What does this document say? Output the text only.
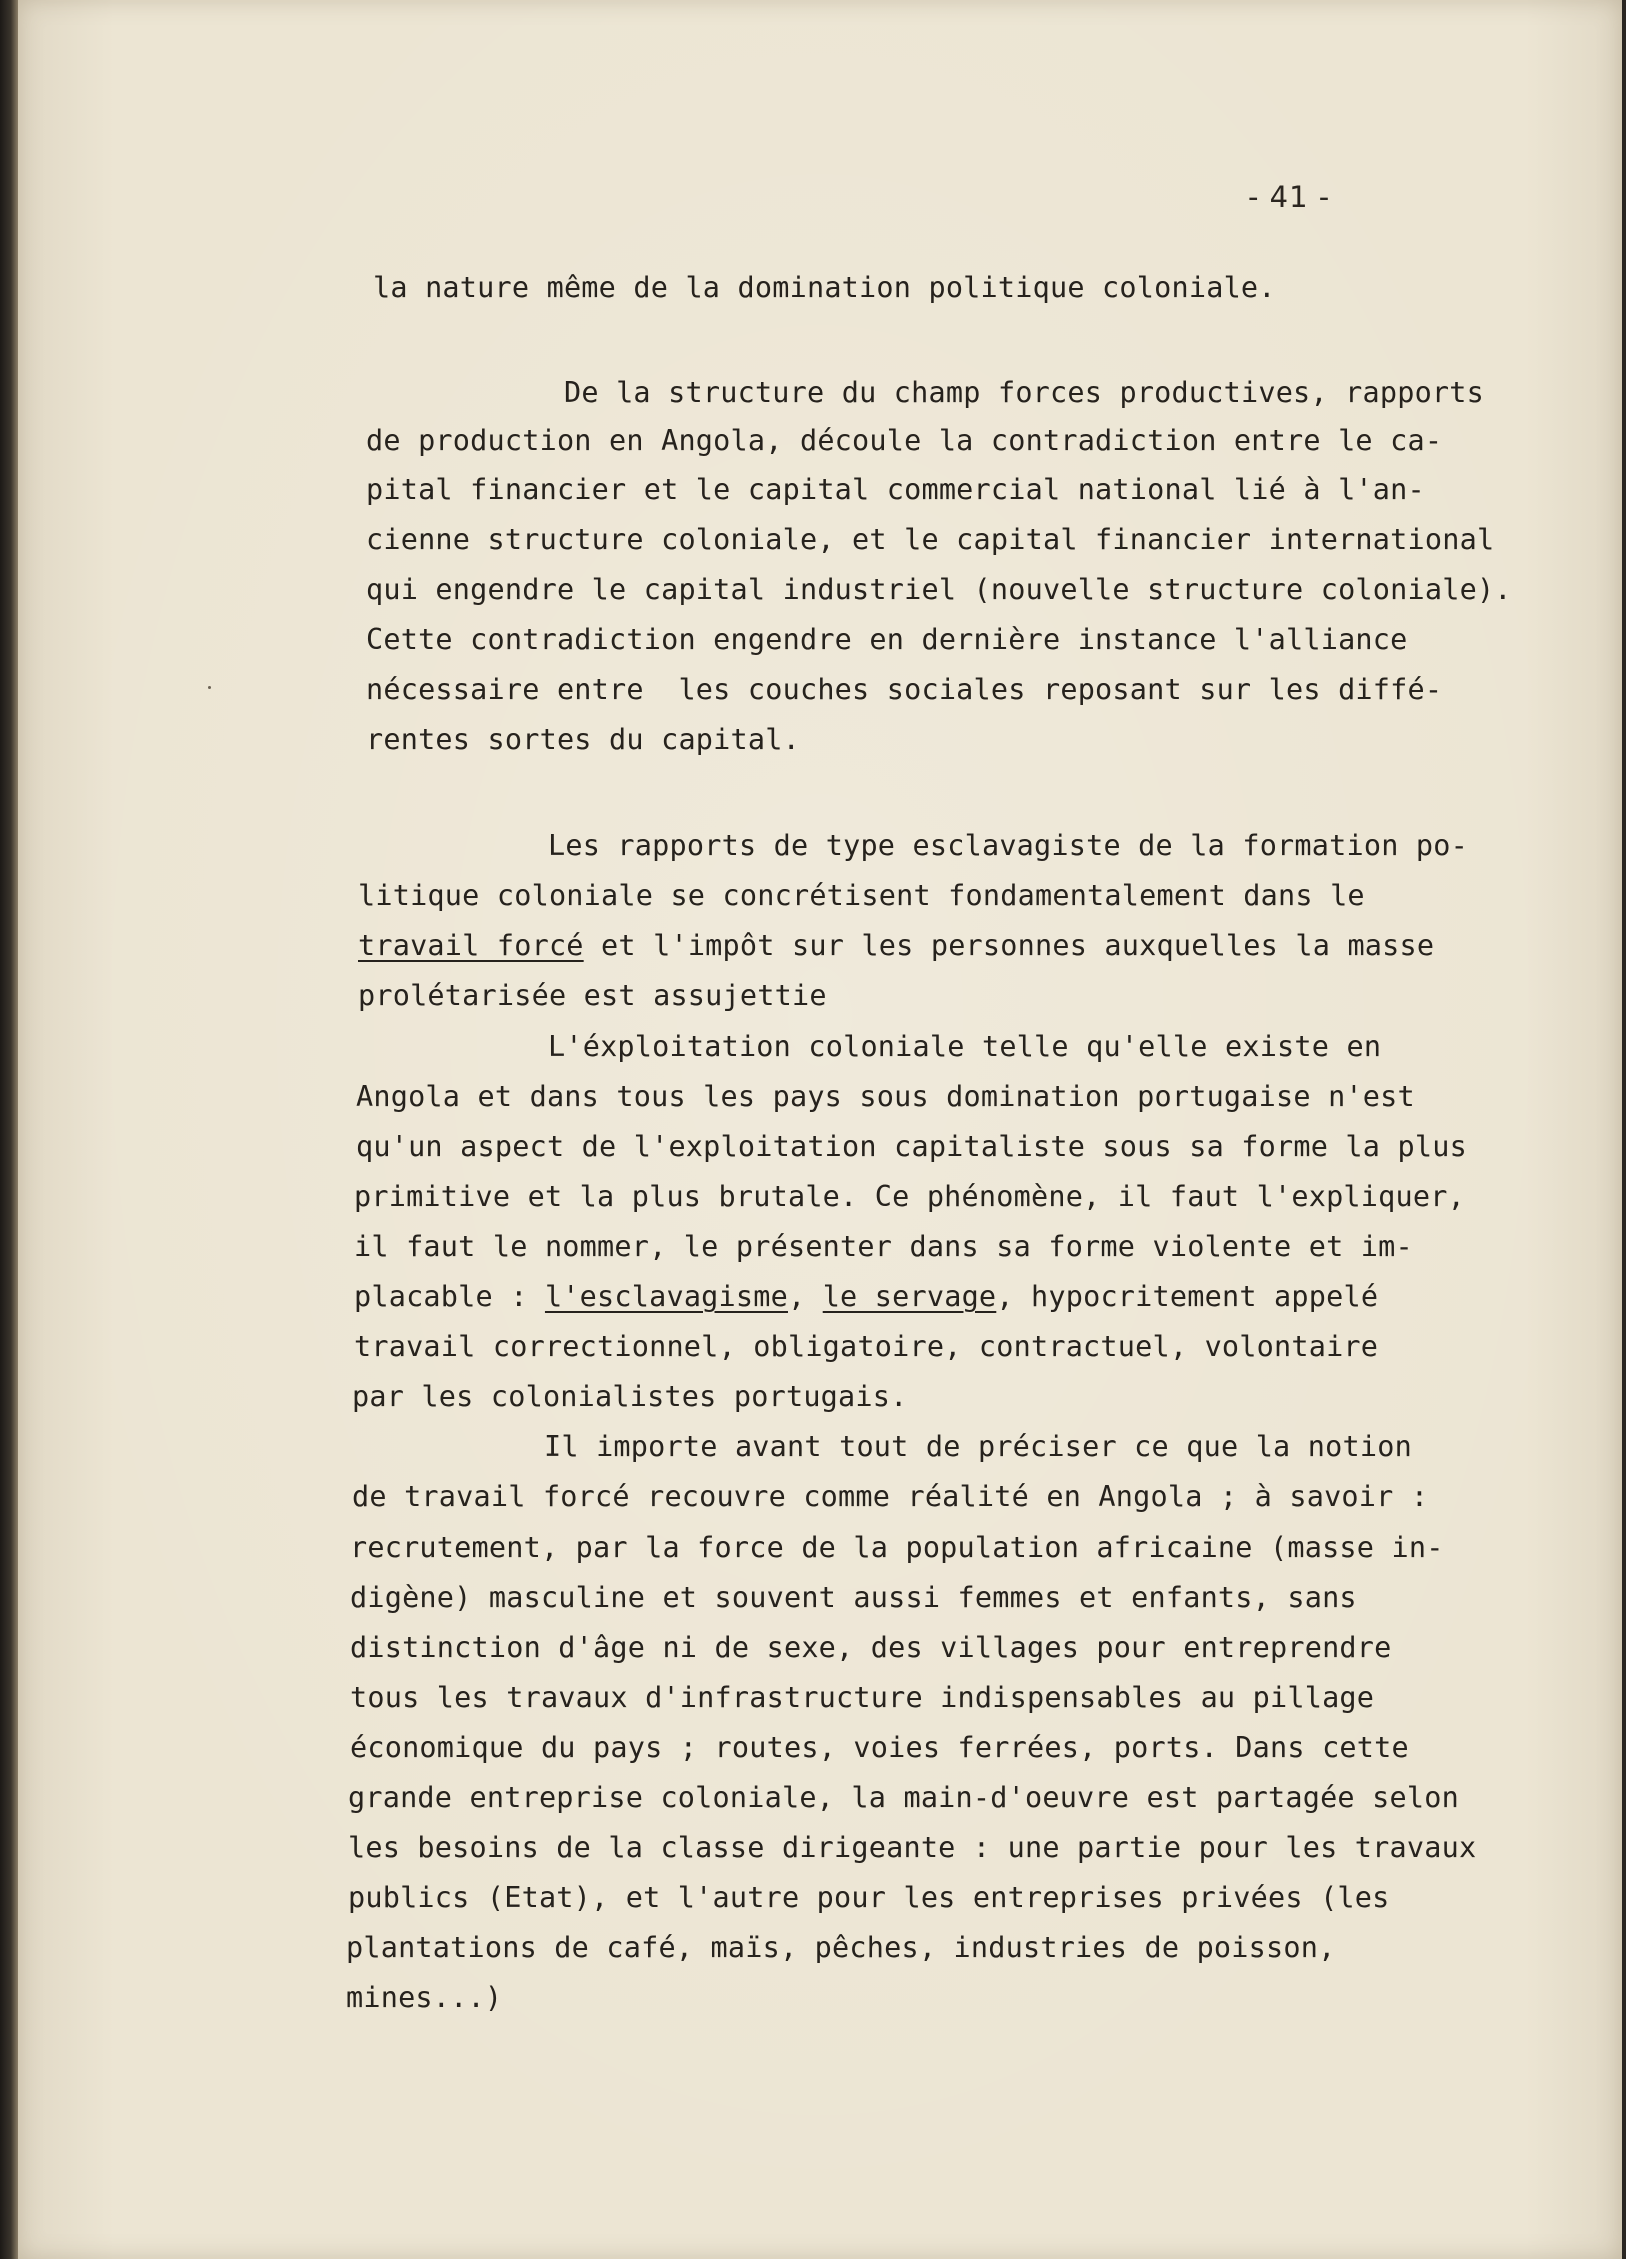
- 41 -
la nature même de la domination politique coloniale.
De la structure du champ forces productives, rapports
de production en Angola, découle la contradiction entre le ca-
pital financier et le capital commercial national lié à l'an-
cienne structure coloniale, et le capital financier international
qui engendre le capital industriel (nouvelle structure coloniale).
Cette contradiction engendre en dernière instance l'alliance
nécessaire entre  les couches sociales reposant sur les diffé-
rentes sortes du capital.
Les rapports de type esclavagiste de la formation po-
litique coloniale se concrétisent fondamentalement dans le
travail forcé et l'impôt sur les personnes auxquelles la masse
prolétarisée est assujettie
L'éxploitation coloniale telle qu'elle existe en
Angola et dans tous les pays sous domination portugaise n'est
qu'un aspect de l'exploitation capitaliste sous sa forme la plus
primitive et la plus brutale. Ce phénomène, il faut l'expliquer,
il faut le nommer, le présenter dans sa forme violente et im-
placable : l'esclavagisme, le servage, hypocritement appelé
travail correctionnel, obligatoire, contractuel, volontaire
par les colonialistes portugais.
Il importe avant tout de préciser ce que la notion
de travail forcé recouvre comme réalité en Angola ; à savoir :
recrutement, par la force de la population africaine (masse in-
digène) masculine et souvent aussi femmes et enfants, sans
distinction d'âge ni de sexe, des villages pour entreprendre
tous les travaux d'infrastructure indispensables au pillage
économique du pays ; routes, voies ferrées, ports. Dans cette
grande entreprise coloniale, la main-d'oeuvre est partagée selon
les besoins de la classe dirigeante : une partie pour les travaux
publics (Etat), et l'autre pour les entreprises privées (les
plantations de café, maïs, pêches, industries de poisson,
mines...)
